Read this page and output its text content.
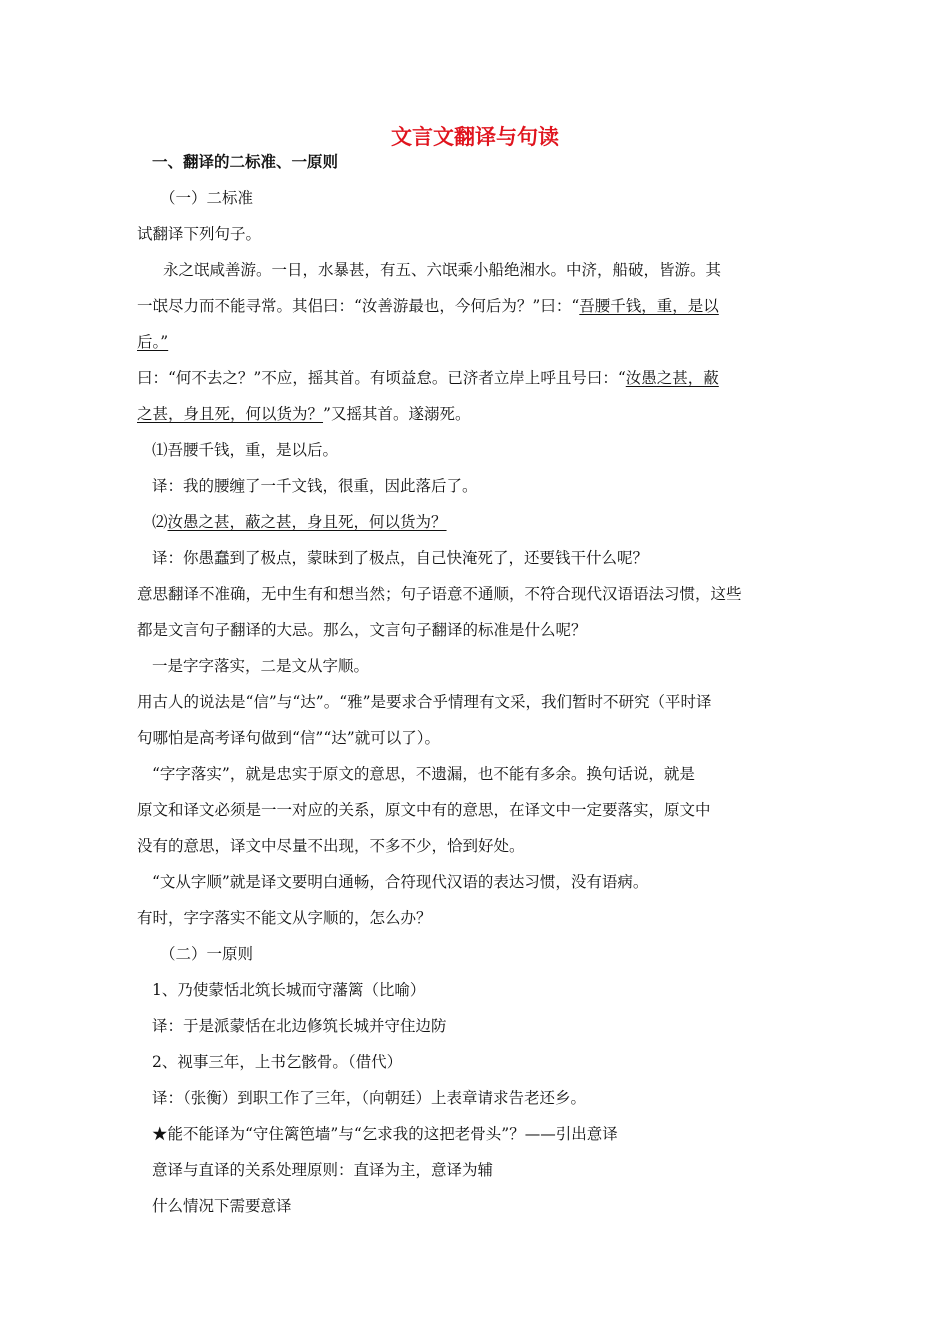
文言文翻译与句读

一、翻译的二标准、一原则

（一）二标准

试翻译下列句子。

永之氓咸善游。一日，水暴甚，有五、六氓乘小船绝湘水。中济，船破，皆游。其

一氓尽力而不能寻常。其侣曰：“汝善游最也，今何后为？”曰：“吾腰千钱，重，是以

后。”

曰：“何不去之？”不应，摇其首。有顷益怠。已济者立岸上呼且号曰：“汝愚之甚，蔽

之甚，身且死，何以货为？”又摇其首。遂溺死。

⑴吾腰千钱，重，是以后。

译：我的腰缠了一千文钱，很重，因此落后了。

⑵汝愚之甚，蔽之甚，身且死，何以货为？

译：你愚蠢到了极点，蒙昧到了极点，自己快淹死了，还要钱干什么呢？

意思翻译不准确，无中生有和想当然；句子语意不通顺，不符合现代汉语语法习惯，这些

都是文言句子翻译的大忌。那么，文言句子翻译的标准是什么呢？

一是字字落实，二是文从字顺。

用古人的说法是“信”与“达”。“雅”是要求合乎情理有文采，我们暂时不研究（平时译

句哪怕是高考译句做到“信”“达”就可以了）。

“字字落实”，就是忠实于原文的意思，不遗漏，也不能有多余。换句话说，就是

原文和译文必须是一一对应的关系，原文中有的意思，在译文中一定要落实，原文中

没有的意思，译文中尽量不出现，不多不少，恰到好处。

“文从字顺”就是译文要明白通畅，合符现代汉语的表达习惯，没有语病。

有时，字字落实不能文从字顺的，怎么办？

（二）一原则

1、乃使蒙恬北筑长城而守藩篱（比喻）

译：于是派蒙恬在北边修筑长城并守住边防

2、视事三年，上书乞骸骨。（借代）

译：（张衡）到职工作了三年，（向朝廷）上表章请求告老还乡。

★能不能译为“守住篱笆墙”与“乞求我的这把老骨头”？——引出意译

意译与直译的关系处理原则：直译为主，意译为辅

什么情况下需要意译
